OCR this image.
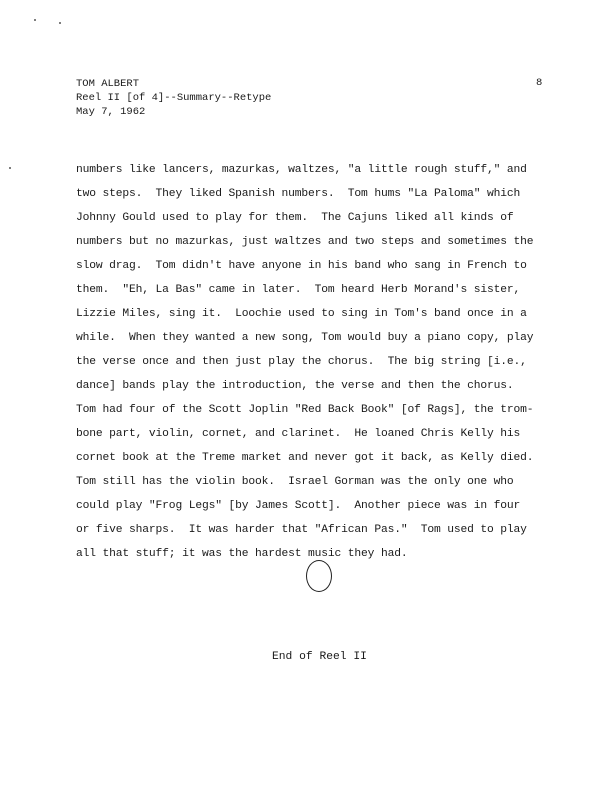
TOM ALBERT
Reel II [of 4]--Summary--Retype
May 7, 1962
8
numbers like lancers, mazurkas, waltzes, "a little rough stuff," and
two steps.  They liked Spanish numbers.  Tom hums "La Paloma" which
Johnny Gould used to play for them.  The Cajuns liked all kinds of
numbers but no mazurkas, just waltzes and two steps and sometimes the
slow drag.  Tom didn't have anyone in his band who sang in French to
them.  "Eh, La Bas" came in later.  Tom heard Herb Morand's sister,
Lizzie Miles, sing it.  Loochie used to sing in Tom's band once in a
while.  When they wanted a new song, Tom would buy a piano copy, play
the verse once and then just play the chorus.  The big string [i.e.,
dance] bands play the introduction, the verse and then the chorus.
Tom had four of the Scott Joplin "Red Back Book" [of Rags], the trom-
bone part, violin, cornet, and clarinet.  He loaned Chris Kelly his
cornet book at the Treme market and never got it back, as Kelly died.
Tom still has the violin book.  Israel Gorman was the only one who
could play "Frog Legs" [by James Scott].  Another piece was in four
or five sharps.  It was harder that "African Pas."  Tom used to play
all that stuff; it was the hardest music they had.
End of Reel II
